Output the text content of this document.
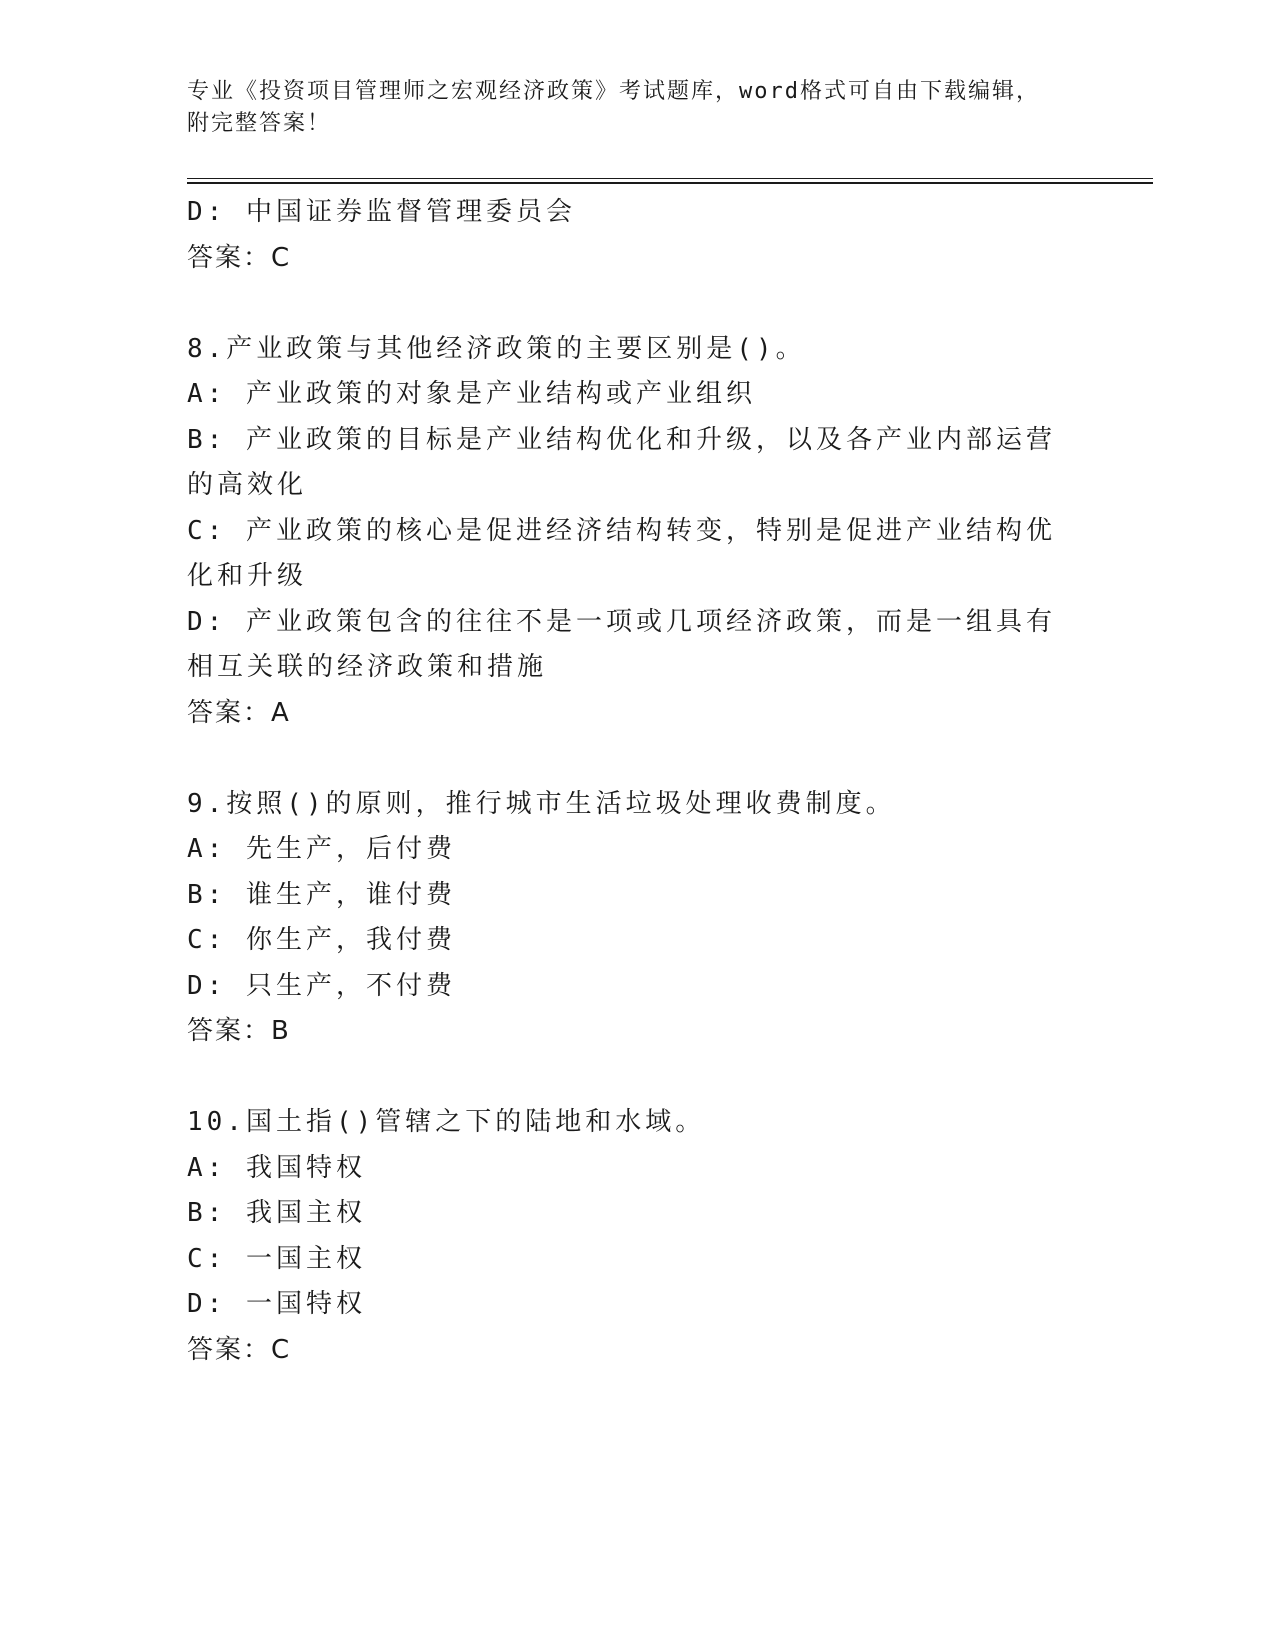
专业《投资项目管理师之宏观经济政策》考试题库，word格式可自由下载编辑，
附完整答案！
D: 中国证券监督管理委员会
答案：C
8.产业政策与其他经济政策的主要区别是()。
A: 产业政策的对象是产业结构或产业组织
B: 产业政策的目标是产业结构优化和升级，以及各产业内部运营的高效化
C: 产业政策的核心是促进经济结构转变，特别是促进产业结构优化和升级
D: 产业政策包含的往往不是一项或几项经济政策，而是一组具有相互关联的经济政策和措施
答案：A
9.按照()的原则，推行城市生活垃圾处理收费制度。
A: 先生产，后付费
B: 谁生产，谁付费
C: 你生产，我付费
D: 只生产，不付费
答案：B
10.国土指()管辖之下的陆地和水域。
A: 我国特权
B: 我国主权
C: 一国主权
D: 一国特权
答案：C
